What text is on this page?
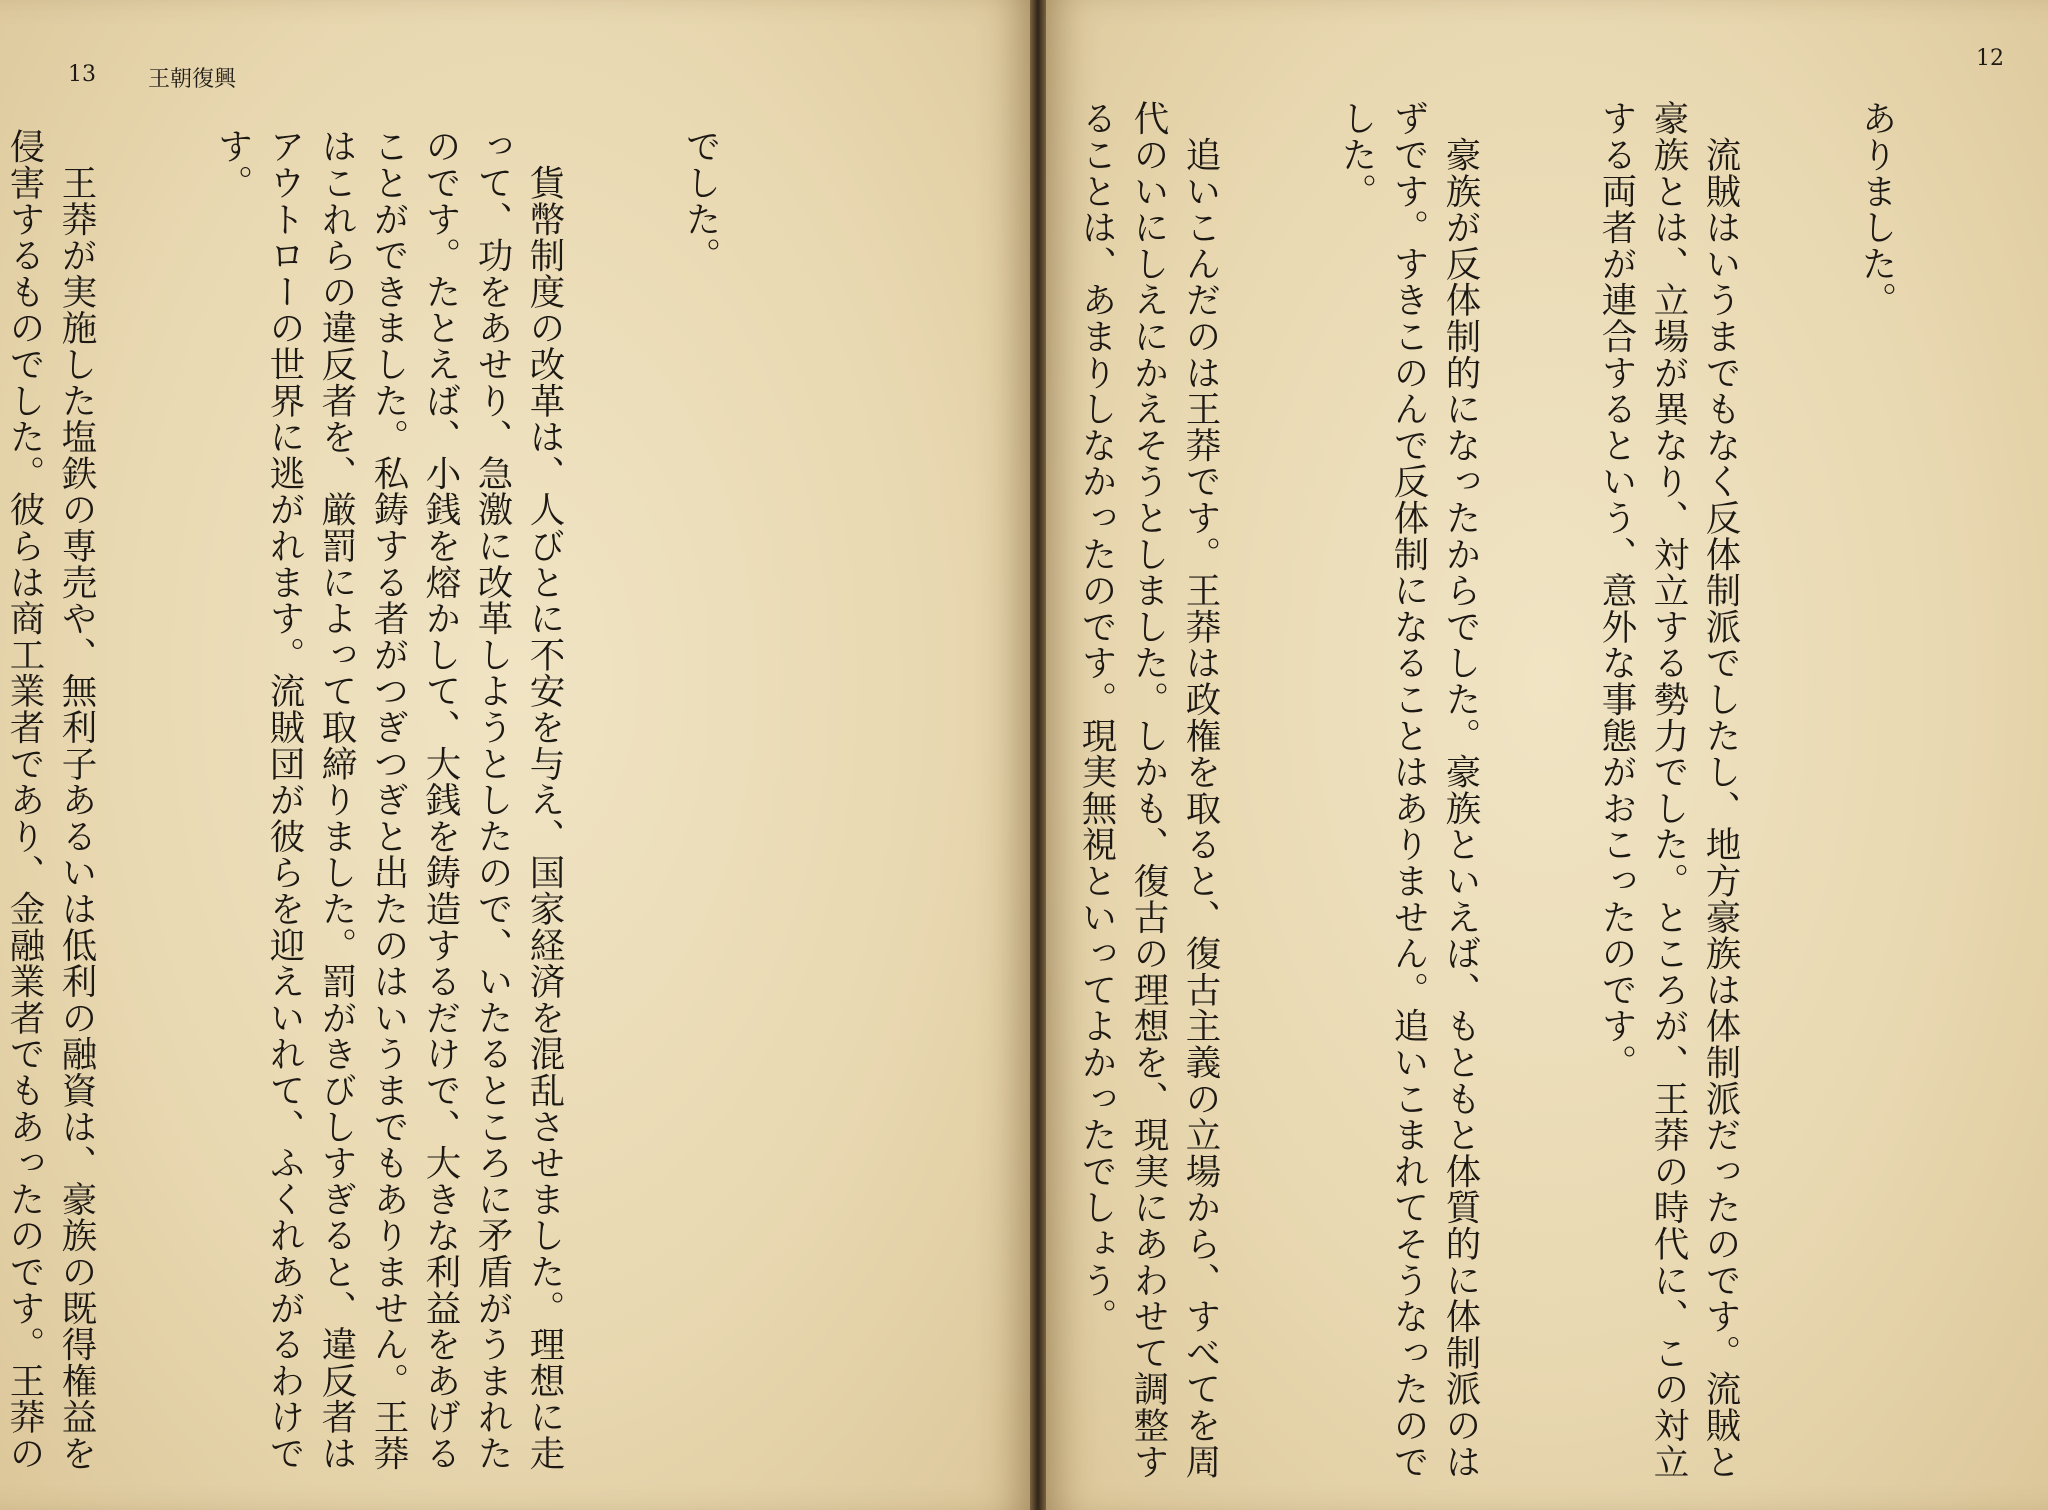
13 王朝復興

でした。

　貨幣制度の改革は、人びとに不安を与え、国家経済を混乱させました。理想に走って、功をあせり、急激に改革しようとしたので、いたるところに矛盾がうまれたのです。たとえば、小銭を熔かして、大銭を鋳造するだけで、大きな利益をあげることができました。私鋳する者がつぎつぎと出たのはいうまでもありません。王莽はこれらの違反者を、厳罰によって取締りました。罰がきびしすぎると、違反者はアウトローの世界に逃がれます。流賊団が彼らを迎えいれて、ふくれあがるわけです。

　王莽が実施した塩鉄の専売や、無利子あるいは低利の融資は、豪族の既得権益を侵害するものでした。彼らは商工業者であり、金融業者でもあったのです。王莽の

12

ありました。

　流賊はいうまでもなく反体制派でしたし、地方豪族は体制派だったのです。流賊と豪族とは、立場が異なり、対立する勢力でした。ところが、王莽の時代に、この対立する両者が連合するという、意外な事態がおこったのです。

　豪族が反体制的になったからでした。豪族といえば、もともと体質的に体制派のはずです。すきこのんで反体制になることはありません。追いこまれてそうなったのでした。

　追いこんだのは王莽です。王莽は政権を取ると、復古主義の立場から、すべてを周代のいにしえにかえそうとしました。しかも、復古の理想を、現実にあわせて調整することは、あまりしなかったのです。現実無視といってよかったでしょう。
